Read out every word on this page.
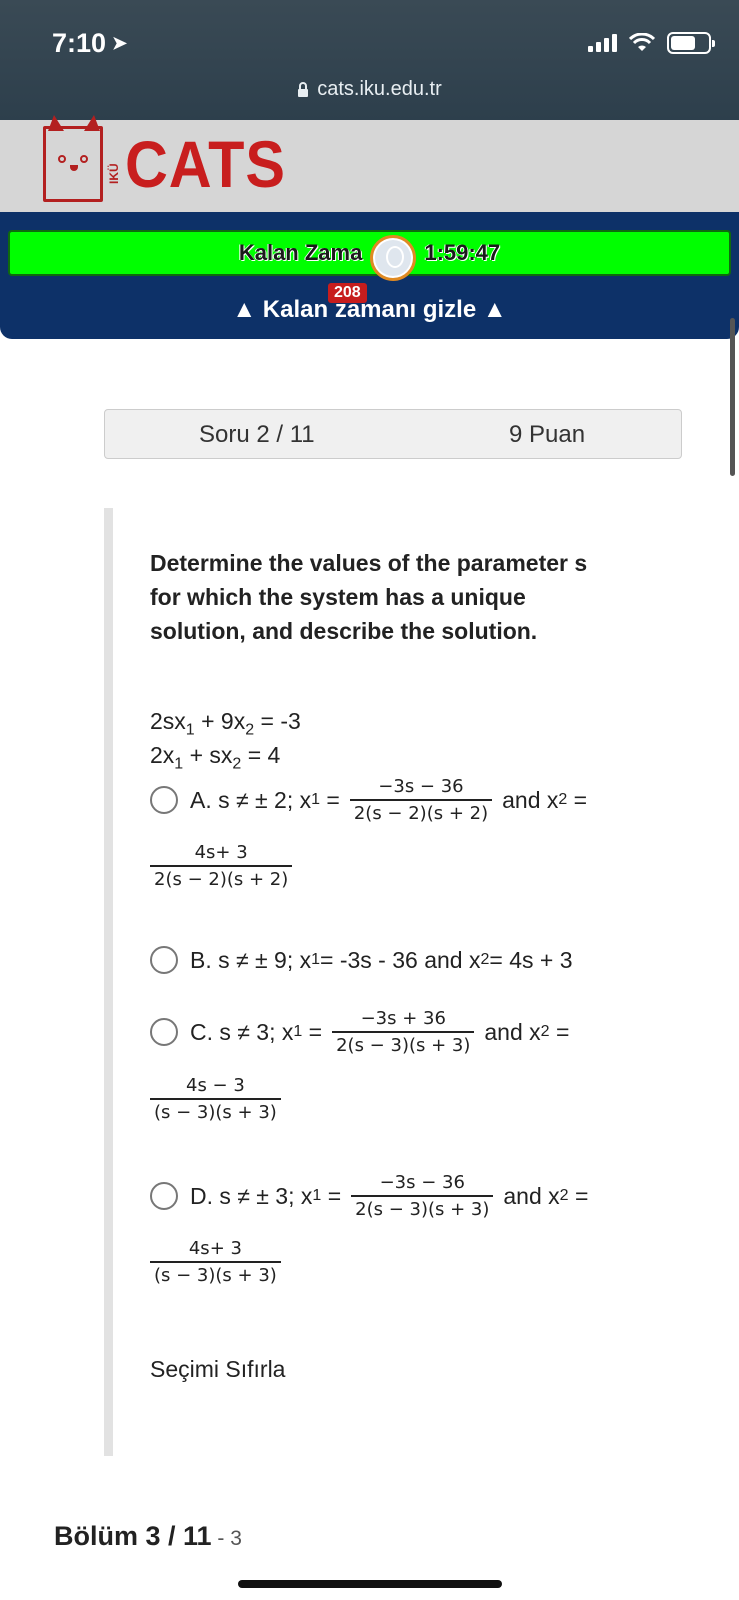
7:10 ➤
cats.iku.edu.tr
IKÜ CATS
Kalan Zama	1:59:47
208
▲ Kalan zamanı gizle ▲
Soru 2 / 11	9 Puan
Determine the values of the parameter s for which the system has a unique solution, and describe the solution.
$2sx_1 + 9x_2 = -3$
$2x_1 + sx_2 = 4$
A. s ≠ ± 2; x 1
= $\frac{-3s - 36}{2(s - 2)(s + 2)}$ and x 2
=
$\frac{4s+ 3}{2(s - 2)(s + 2)}$
B. s ≠ ± 9; x 1 = -3s - 36 and x 2 = 4s + 3
C. s ≠ 3; x 1
= $\frac{-3s + 36}{2(s - 3)(s + 3)}$ and x 2
=
$\frac{4s - 3}{(s - 3)(s + 3)}$
D. s ≠ ± 3; x 1
= $\frac{-3s - 36}{2(s - 3)(s + 3)}$ and x 2
=
$\frac{4s+ 3}{(s - 3)(s + 3)}$
Seçimi Sıfırla
Bölüm 3 / 11 - 3
